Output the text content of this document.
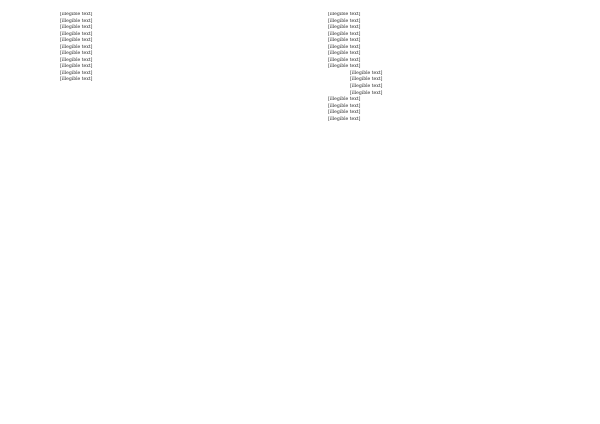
[illegible text]

[illegible text]

[illegible text]

[illegible text]

[illegible text]

[illegible text]

[illegible text]

[illegible text]

[illegible text]

[illegible text]

[illegible text]

[illegible text]

[illegible text]

[illegible text]

[illegible text]

[illegible text]

[illegible text]

[illegible text]

[illegible text]

[illegible text]

[illegible text]

[illegible text]

[illegible text]

[illegible text]

[illegible text]

[illegible text]

[illegible text]

[illegible text]
